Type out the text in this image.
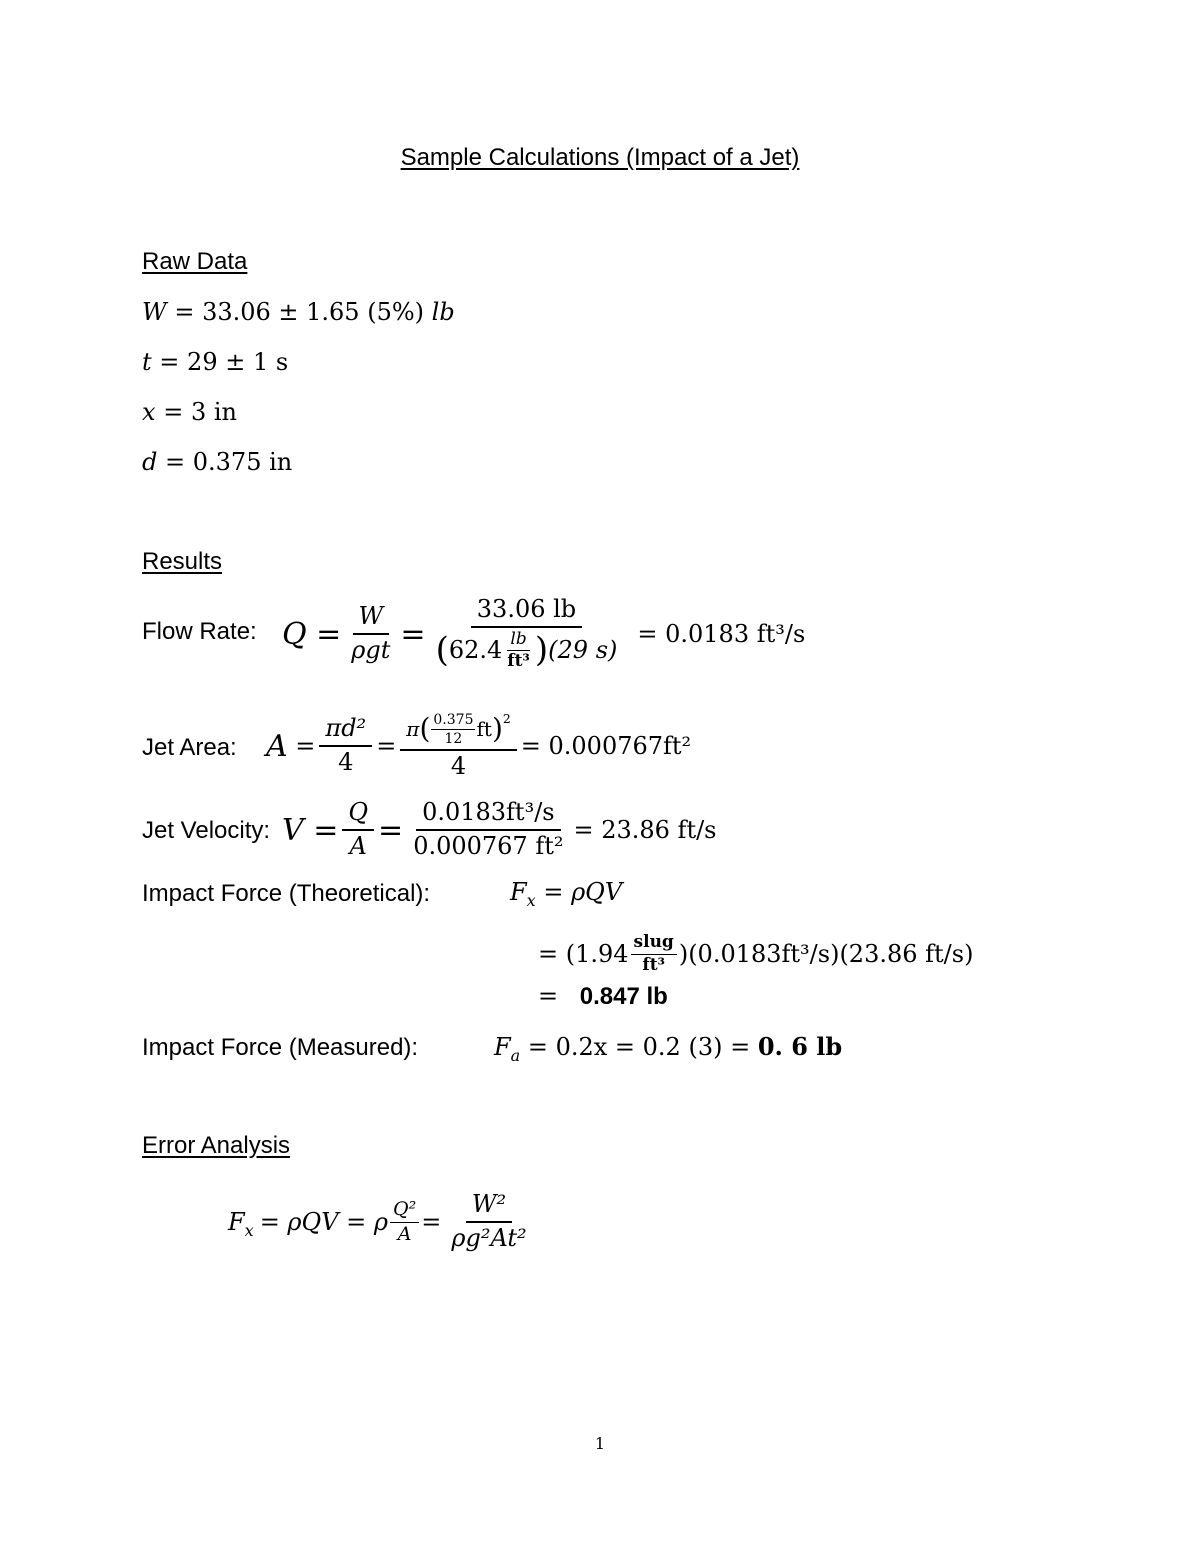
Sample Calculations (Impact of a Jet)
Raw Data
W = 33.06 ± 1.65 (5%) lb
t = 29 ± 1 s
x = 3 in
d = 0.375 in
Results
Flow Rate: $Q = \frac{W}{\text{ρgt}}$ =
33.06 lb
( $62.4 \frac{lb}{\text{ft³}}$ ) (29 s)
= 0.0183 ft³/s
Jet Area: $A = \frac{\text{πd²}}{4}$ =
π ( $\frac{0.375}{12}$ ft )$^2$
4
= 0.000767ft²
Jet Velocity: $V = \frac{Q}{A} = \frac{\text{0.0183ft³/s}}{\text{0.000767 ft²}} = 23.86$ ft/s
Impact Force (Theoretical):	$F_x = \rho QV$
= $(1.94 \frac{\text{slug}}{\text{ft³}} )(0.0183ft^3/s)(23.86$ ft/s)
= 0.847 lb
Impact Force (Measured):	$F_a = 0.2x = 0.2$ (3) = 0. 6 lb
Error Analysis
$F_x = \rho QV = \rho \frac{\text{Q²}}{A} = \frac{\text{W²}}{\text{ρg²At²}}$
1
